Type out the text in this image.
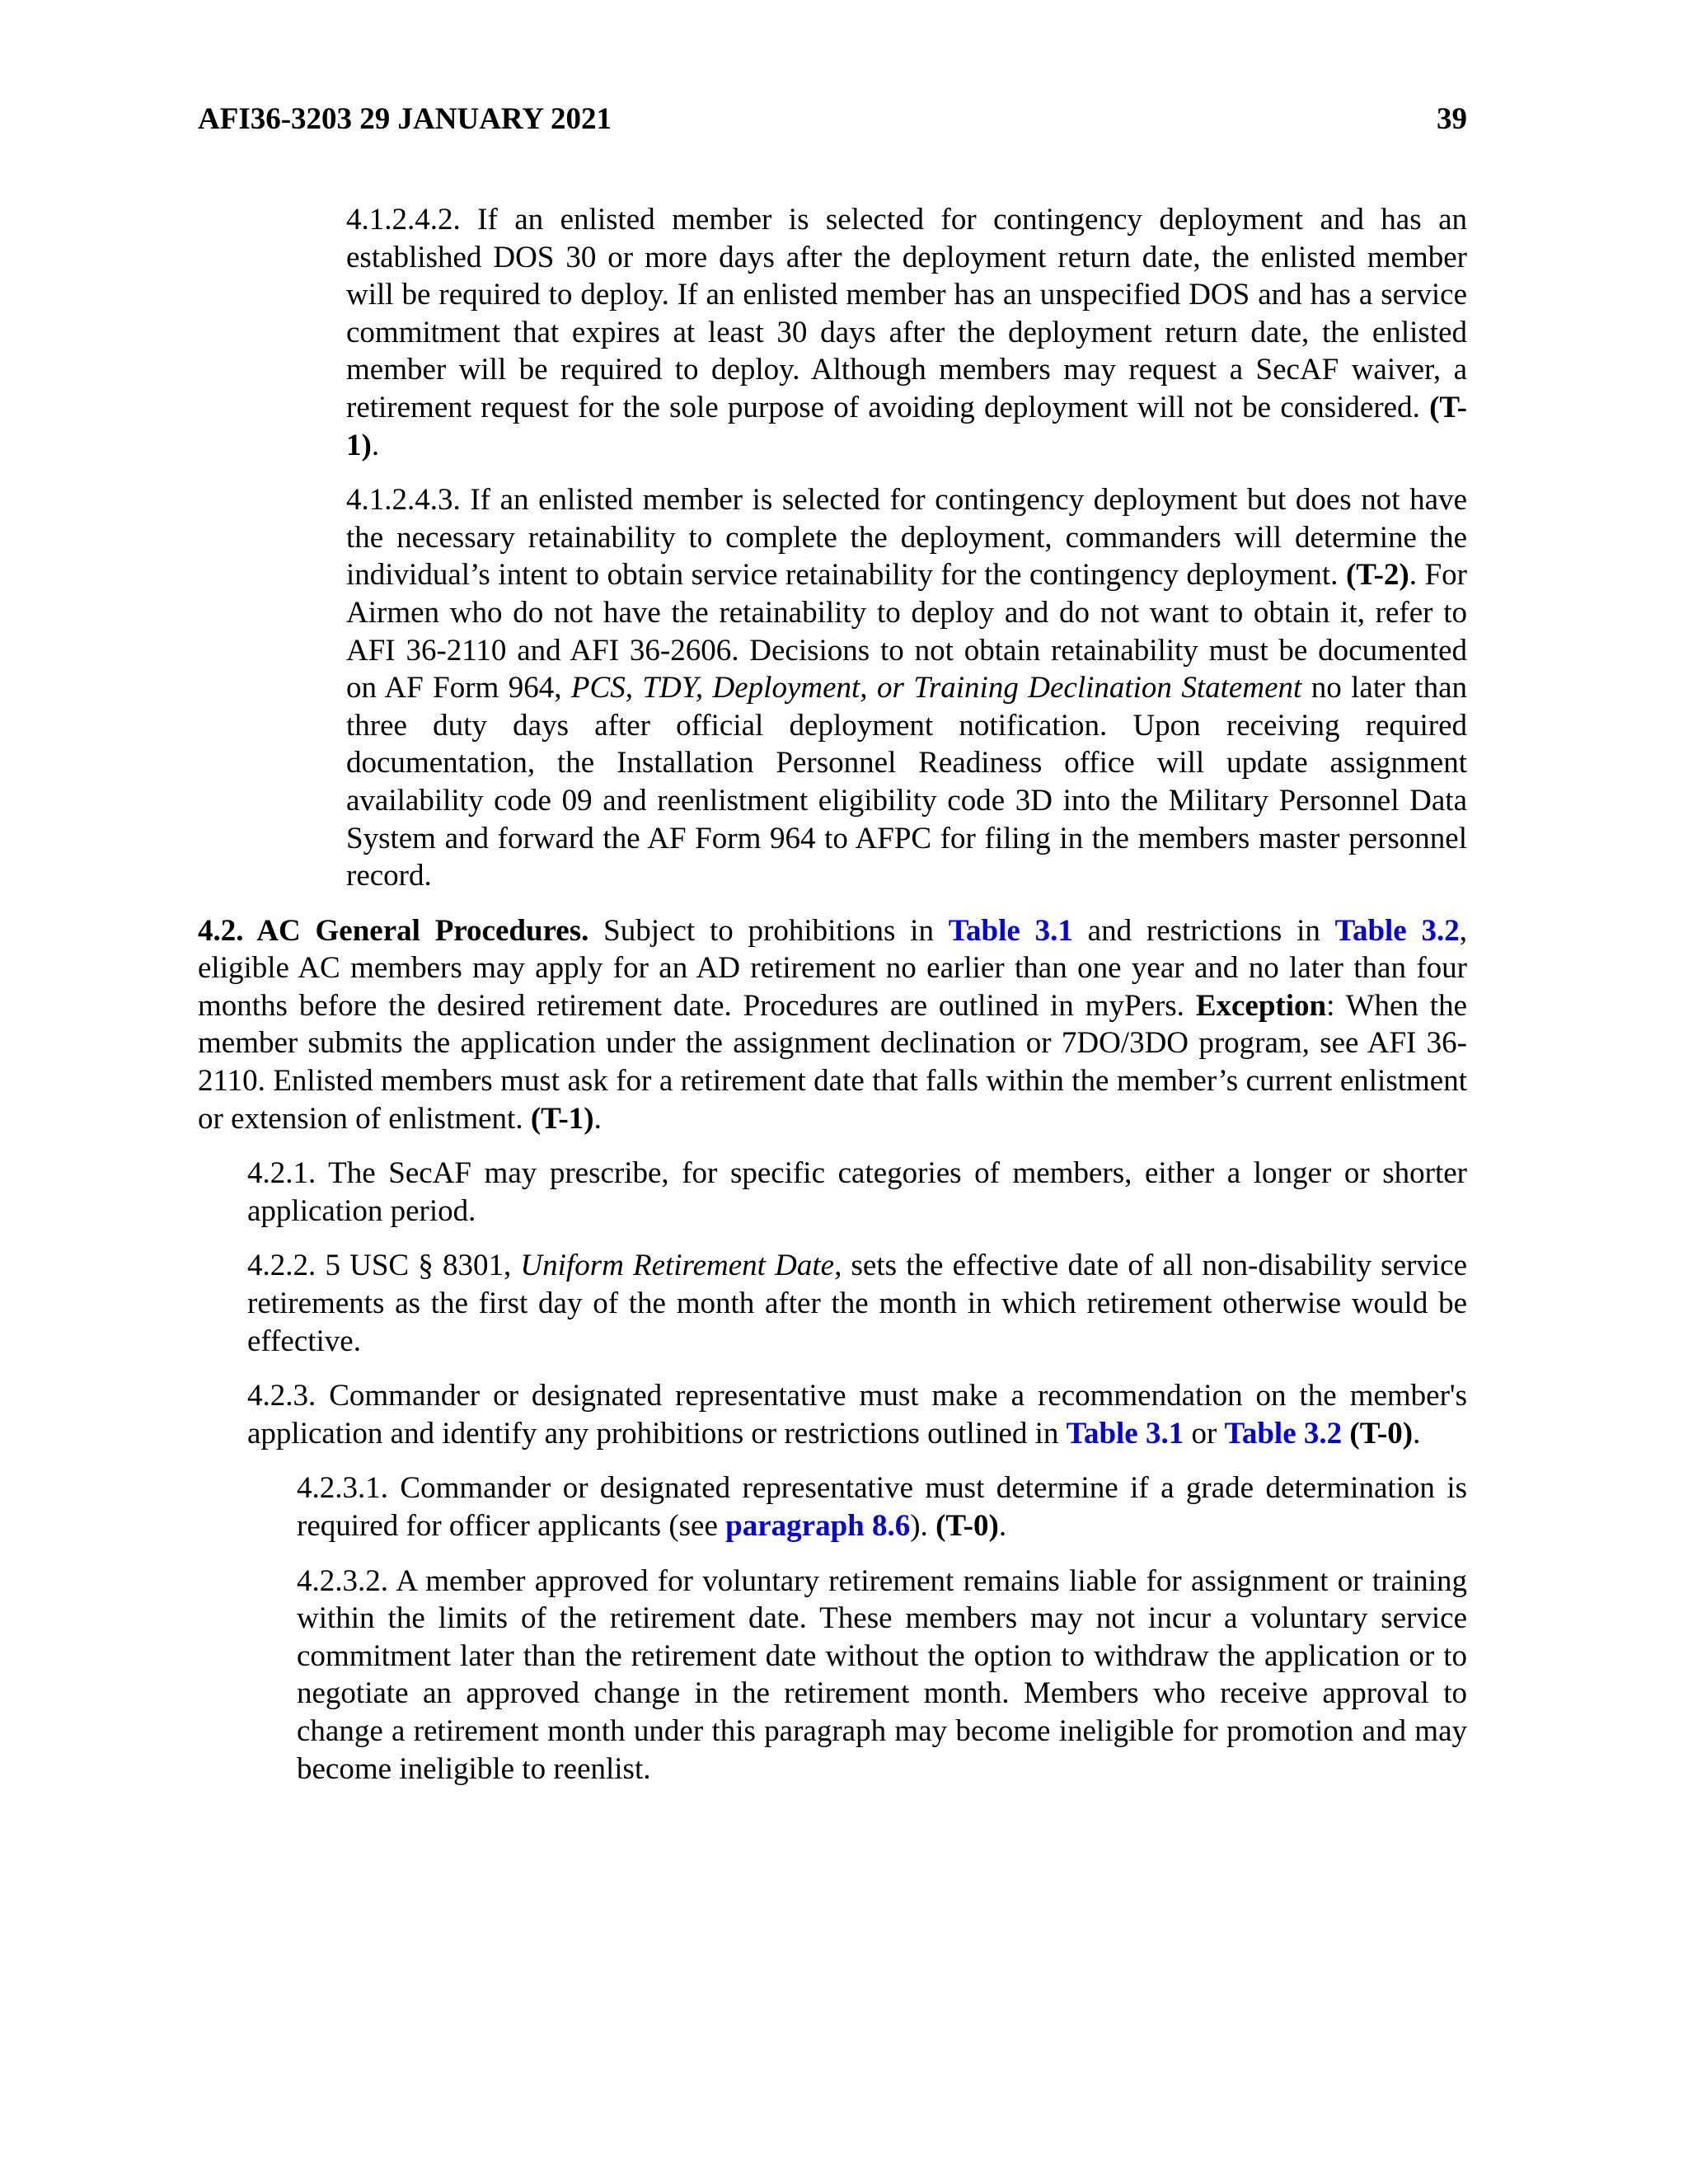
AFI36-3203 29 JANUARY 2021	39

4.1.2.4.2. If an enlisted member is selected for contingency deployment and has an established DOS 30 or more days after the deployment return date, the enlisted member will be required to deploy. If an enlisted member has an unspecified DOS and has a service commitment that expires at least 30 days after the deployment return date, the enlisted member will be required to deploy. Although members may request a SecAF waiver, a retirement request for the sole purpose of avoiding deployment will not be considered. (T-1).

4.1.2.4.3. If an enlisted member is selected for contingency deployment but does not have the necessary retainability to complete the deployment, commanders will determine the individual’s intent to obtain service retainability for the contingency deployment. (T-2). For Airmen who do not have the retainability to deploy and do not want to obtain it, refer to AFI 36-2110 and AFI 36-2606. Decisions to not obtain retainability must be documented on AF Form 964, PCS, TDY, Deployment, or Training Declination Statement no later than three duty days after official deployment notification. Upon receiving required documentation, the Installation Personnel Readiness office will update assignment availability code 09 and reenlistment eligibility code 3D into the Military Personnel Data System and forward the AF Form 964 to AFPC for filing in the members master personnel record.

4.2. AC General Procedures. Subject to prohibitions in Table 3.1 and restrictions in Table 3.2, eligible AC members may apply for an AD retirement no earlier than one year and no later than four months before the desired retirement date. Procedures are outlined in myPers. Exception: When the member submits the application under the assignment declination or 7DO/3DO program, see AFI 36-2110. Enlisted members must ask for a retirement date that falls within the member’s current enlistment or extension of enlistment. (T-1).

4.2.1. The SecAF may prescribe, for specific categories of members, either a longer or shorter application period.

4.2.2. 5 USC § 8301, Uniform Retirement Date, sets the effective date of all non-disability service retirements as the first day of the month after the month in which retirement otherwise would be effective.

4.2.3. Commander or designated representative must make a recommendation on the member's application and identify any prohibitions or restrictions outlined in Table 3.1 or Table 3.2 (T-0).

4.2.3.1. Commander or designated representative must determine if a grade determination is required for officer applicants (see paragraph 8.6). (T-0).

4.2.3.2. A member approved for voluntary retirement remains liable for assignment or training within the limits of the retirement date. These members may not incur a voluntary service commitment later than the retirement date without the option to withdraw the application or to negotiate an approved change in the retirement month. Members who receive approval to change a retirement month under this paragraph may become ineligible for promotion and may become ineligible to reenlist.
